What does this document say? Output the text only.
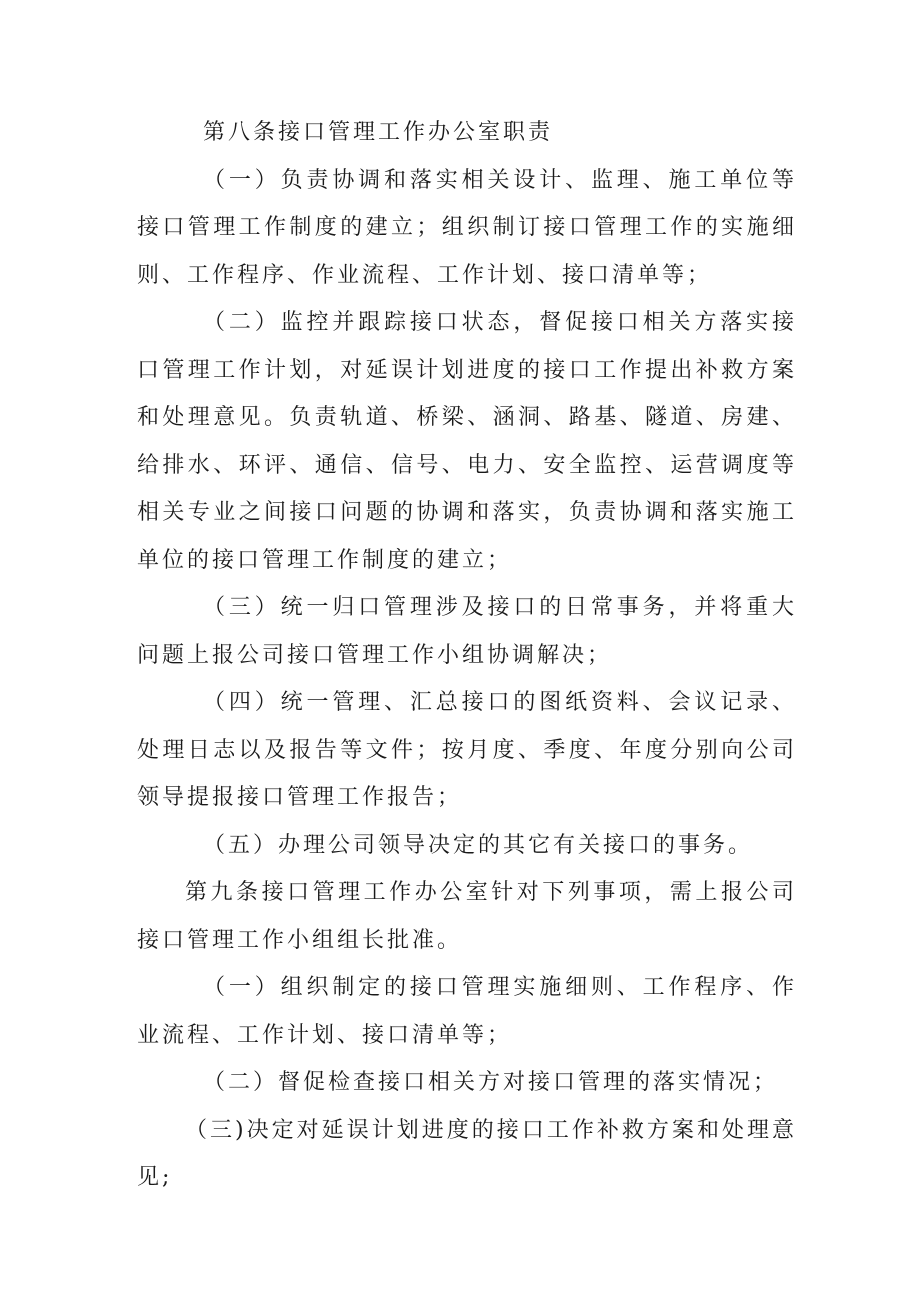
第八条接口管理工作办公室职责

（一）负责协调和落实相关设计、监理、施工单位等接口管理工作制度的建立；组织制订接口管理工作的实施细则、工作程序、作业流程、工作计划、接口清单等；

（二）监控并跟踪接口状态，督促接口相关方落实接口管理工作计划，对延误计划进度的接口工作提出补救方案和处理意见。负责轨道、桥梁、涵洞、路基、隧道、房建、给排水、环评、通信、信号、电力、安全监控、运营调度等相关专业之间接口问题的协调和落实，负责协调和落实施工单位的接口管理工作制度的建立；

（三）统一归口管理涉及接口的日常事务，并将重大问题上报公司接口管理工作小组协调解决；

（四）统一管理、汇总接口的图纸资料、会议记录、处理日志以及报告等文件；按月度、季度、年度分别向公司领导提报接口管理工作报告；

（五）办理公司领导决定的其它有关接口的事务。

第九条接口管理工作办公室针对下列事项，需上报公司接口管理工作小组组长批准。

（一）组织制定的接口管理实施细则、工作程序、作业流程、工作计划、接口清单等；

（二）督促检查接口相关方对接口管理的落实情况；

（三)决定对延误计划进度的接口工作补救方案和处理意见;
